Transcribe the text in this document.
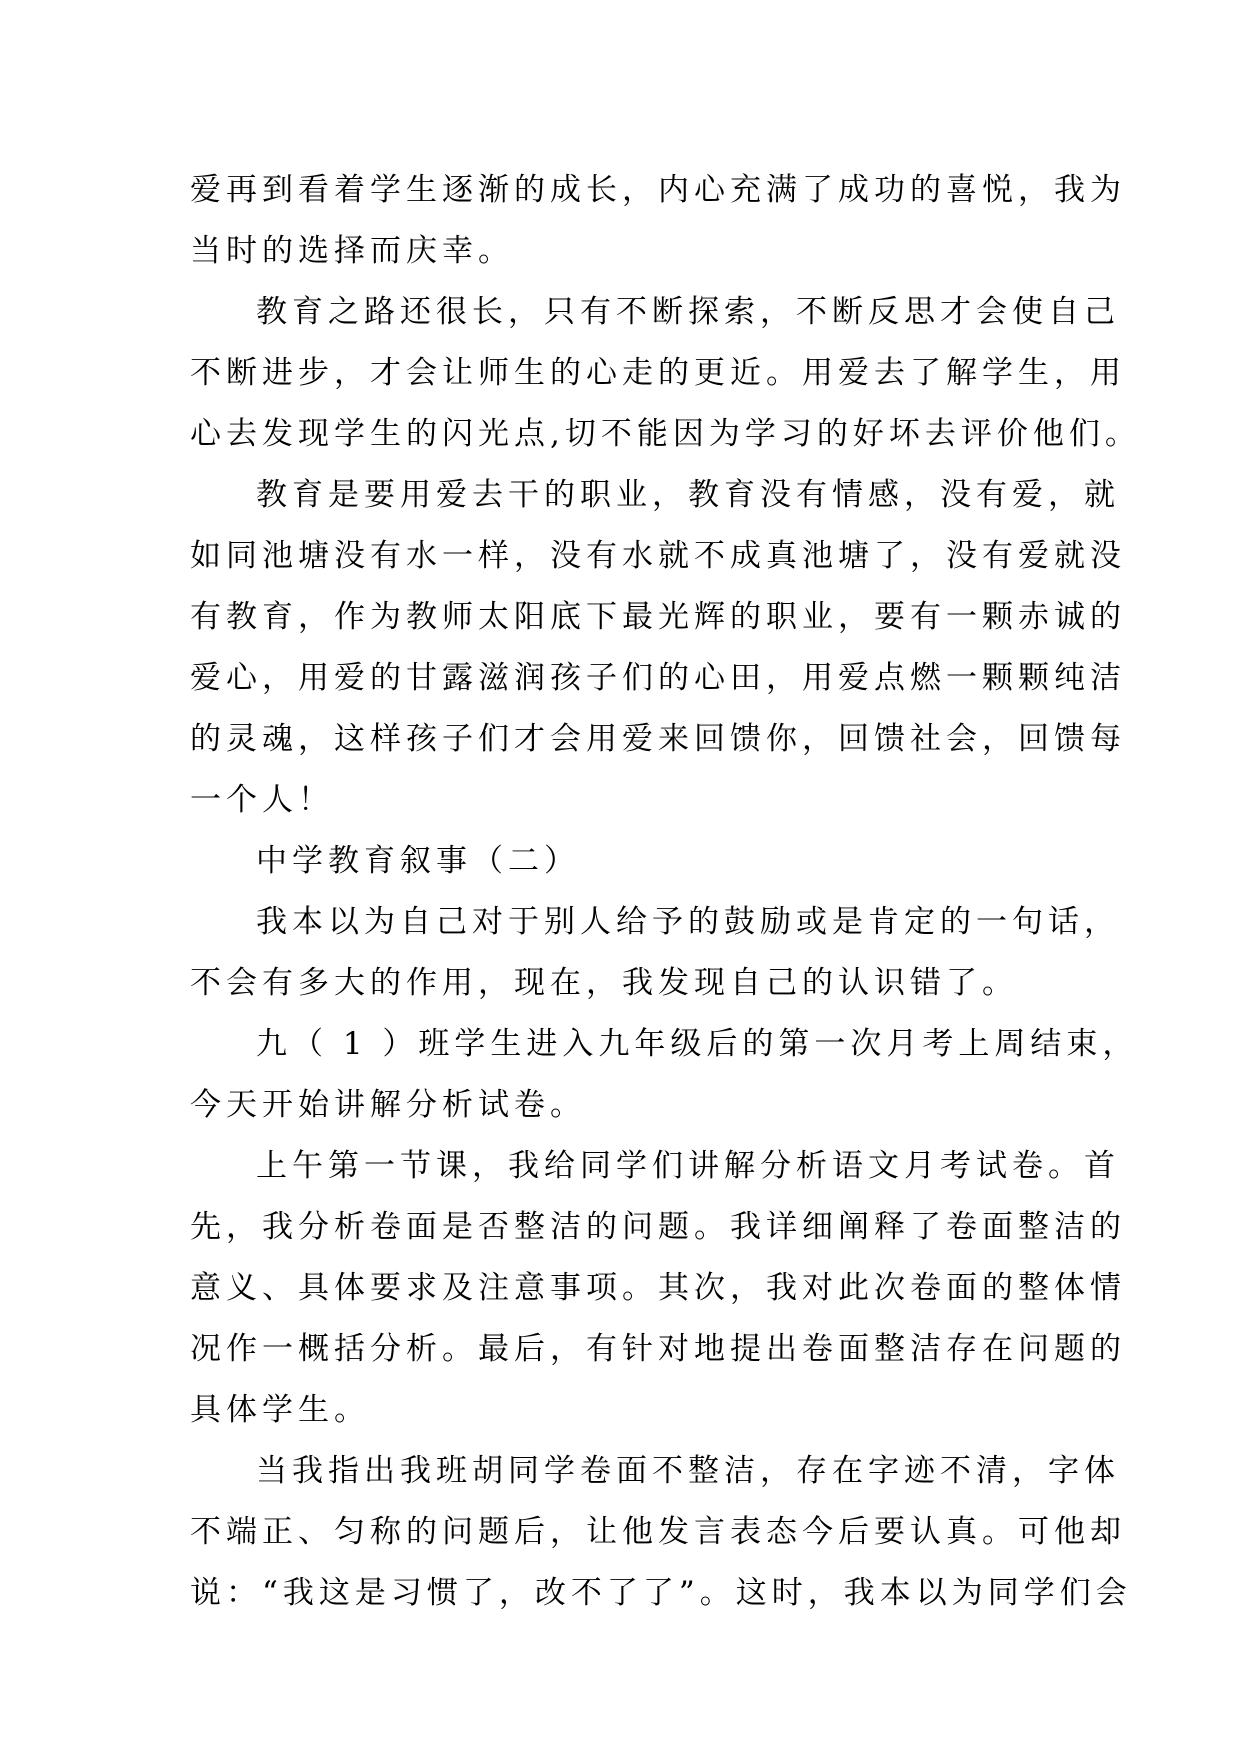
爱再到看着学生逐渐的成长，内心充满了成功的喜悦，我为
当时的选择而庆幸。
教育之路还很长，只有不断探索，不断反思才会使自己
不断进步，才会让师生的心走的更近。用爱去了解学生，用
心去发现学生的闪光点,切不能因为学习的好坏去评价他们。
教育是要用爱去干的职业，教育没有情感，没有爱，就
如同池塘没有水一样，没有水就不成真池塘了，没有爱就没
有教育，作为教师太阳底下最光辉的职业，要有一颗赤诚的
爱心，用爱的甘露滋润孩子们的心田，用爱点燃一颗颗纯洁
的灵魂，这样孩子们才会用爱来回馈你，回馈社会，回馈每
一个人！
中学教育叙事（二）
我本以为自己对于别人给予的鼓励或是肯定的一句话，
不会有多大的作用，现在，我发现自己的认识错了。
九（ 1 ）班学生进入九年级后的第一次月考上周结束，
今天开始讲解分析试卷。
上午第一节课，我给同学们讲解分析语文月考试卷。首
先，我分析卷面是否整洁的问题。我详细阐释了卷面整洁的
意义、具体要求及注意事项。其次，我对此次卷面的整体情
况作一概括分析。最后，有针对地提出卷面整洁存在问题的
具体学生。
当我指出我班胡同学卷面不整洁，存在字迹不清，字体
不端正、匀称的问题后，让他发言表态今后要认真。可他却
说：“我这是习惯了，改不了了”。这时，我本以为同学们会
